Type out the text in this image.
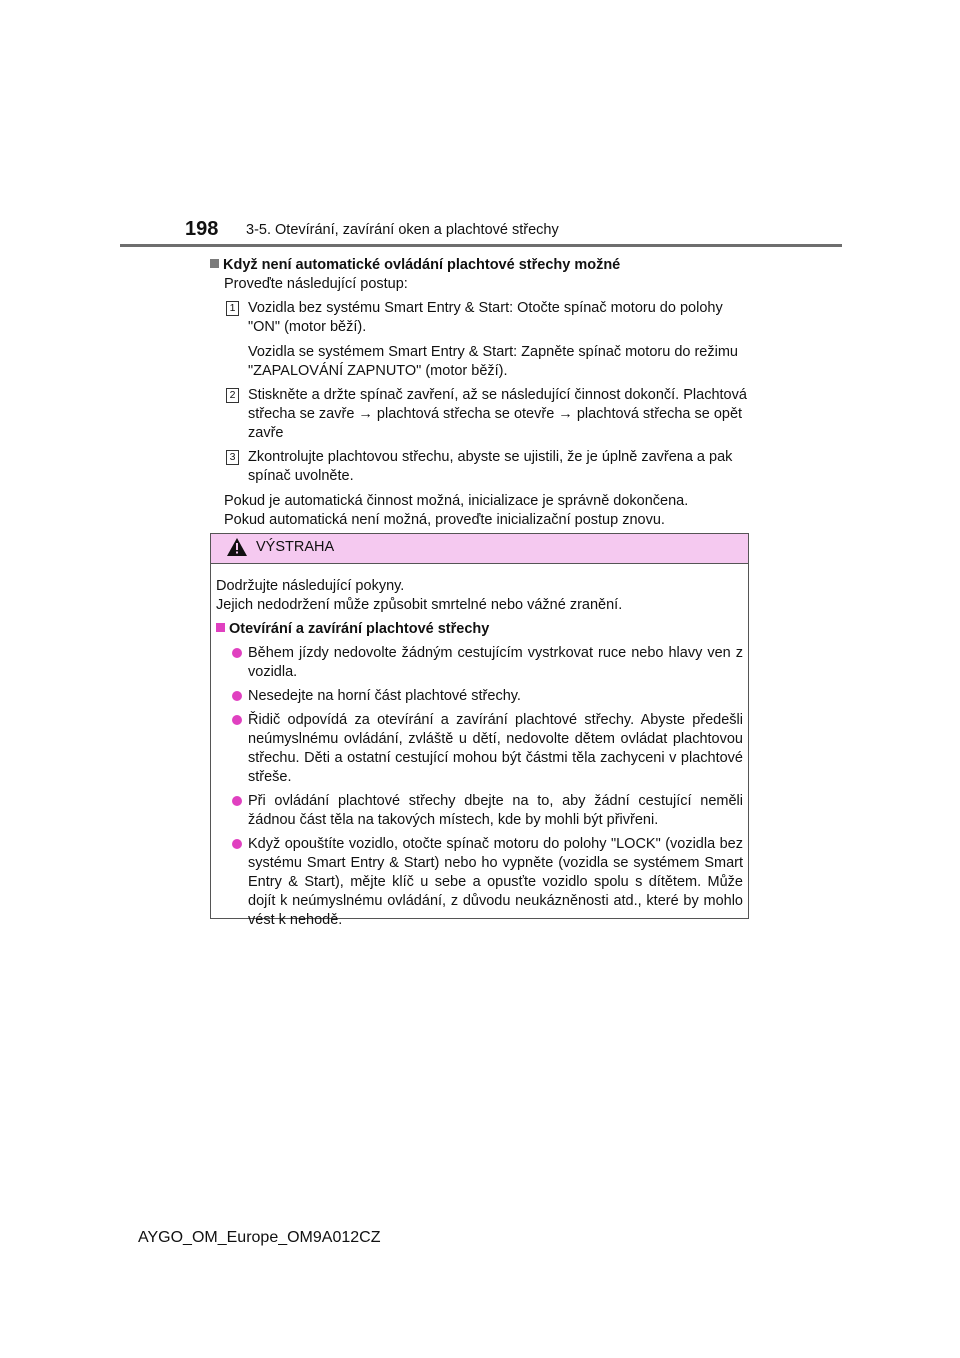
198 3-5. Otevírání, zavírání oken a plachtové střechy
Když není automatické ovládání plachtové střechy možné
Proveďte následující postup:
1 Vozidla bez systému Smart Entry & Start: Otočte spínač motoru do polohy "ON" (motor běží).
Vozidla se systémem Smart Entry & Start: Zapněte spínač motoru do režimu "ZAPALOVÁNÍ ZAPNUTO" (motor běží).
2 Stiskněte a držte spínač zavření, až se následující činnost dokončí. Plachtová střecha se zavře → plachtová střecha se otevře → plachtová střecha se opět zavře
3 Zkontrolujte plachtovou střechu, abyste se ujistili, že je úplně zavřena a pak spínač uvolněte.
Pokud je automatická činnost možná, inicializace je správně dokončena.
Pokud automatická není možná, proveďte inicializační postup znovu.
VÝSTRAHA

Dodržujte následující pokyny.

Jejich nedodržení může způsobit smrtelné nebo vážné zranění.

Otevírání a zavírání plachtové střechy
Během jízdy nedovolte žádným cestujícím vystrkovat ruce nebo hlavy ven z vozidla.
Nesedejte na horní část plachtové střechy.
Řidič odpovídá za otevírání a zavírání plachtové střechy. Abyste předešli neúmyslnému ovládání, zvláště u dětí, nedovolte dětem ovládat plachtovou střechu. Děti a ostatní cestující mohou být částmi těla zachyceni v plachtové střeše.
Při ovládání plachtové střechy dbejte na to, aby žádní cestující neměli žádnou část těla na takových místech, kde by mohli být přivřeni.
Když opouštíte vozidlo, otočte spínač motoru do polohy "LOCK" (vozidla bez systému Smart Entry & Start) nebo ho vypněte (vozidla se systémem Smart Entry & Start), mějte klíč u sebe a opusťte vozidlo spolu s dítětem. Může dojít k neúmyslnému ovládání, z důvodu neukázněnosti atd., které by mohlo vést k nehodě.
AYGO_OM_Europe_OM9A012CZ
